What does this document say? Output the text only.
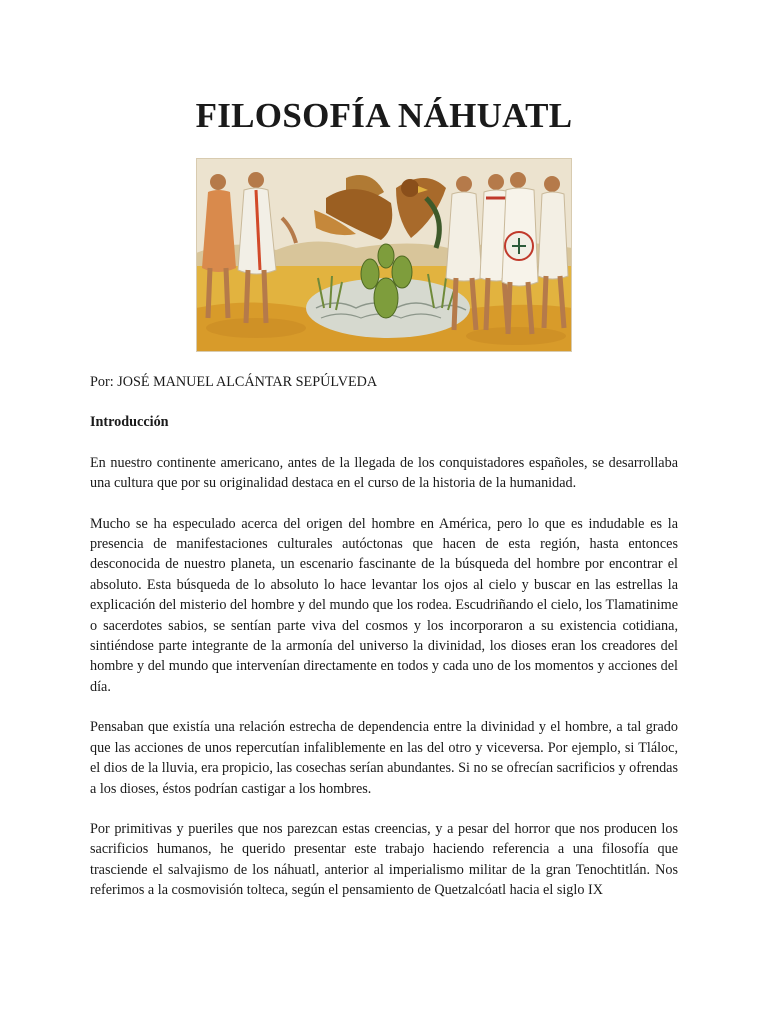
FILOSOFÍA NÁHUATL

Por: JOSÉ MANUEL ALCÁNTAR SEPÚLVEDA

Introducción

En nuestro continente americano, antes de la llegada de los conquistadores españoles, se desarrollaba una cultura que por su originalidad destaca en el curso de la historia de la humanidad.

Mucho se ha especulado acerca del origen del hombre en América, pero lo que es indudable es la presencia de manifestaciones culturales autóctonas que hacen de esta región, hasta entonces desconocida de nuestro planeta, un escenario fascinante de la búsqueda del hombre por encontrar el absoluto. Esta búsqueda de lo absoluto lo hace levantar los ojos al cielo y buscar en las estrellas la explicación del misterio del hombre y del mundo que los rodea. Escudriñando el cielo, los Tlamatinime o sacerdotes sabios, se sentían parte viva del cosmos y los incorporaron a su existencia cotidiana, sintiéndose parte integrante de la armonía del universo la divinidad, los dioses eran los creadores del hombre y del mundo que intervenían directamente en todos y cada uno de los momentos y acciones del día.

Pensaban que existía una relación estrecha de dependencia entre la divinidad y el hombre, a tal grado que las acciones de unos repercutían infaliblemente en las del otro y viceversa. Por ejemplo, si Tláloc, el dios de la lluvia, era propicio, las cosechas serían abundantes. Si no se ofrecían sacrificios y ofrendas a los dioses, éstos podrían castigar a los hombres.

Por primitivas y pueriles que nos parezcan estas creencias, y a pesar del horror que nos producen los sacrificios humanos, he querido presentar este trabajo haciendo referencia a una filosofía que trasciende el salvajismo de los náhuatl, anterior al imperialismo militar de la gran Tenochtitlán. Nos referimos a la cosmovisión tolteca, según el pensamiento de Quetzalcóatl hacia el siglo IX
